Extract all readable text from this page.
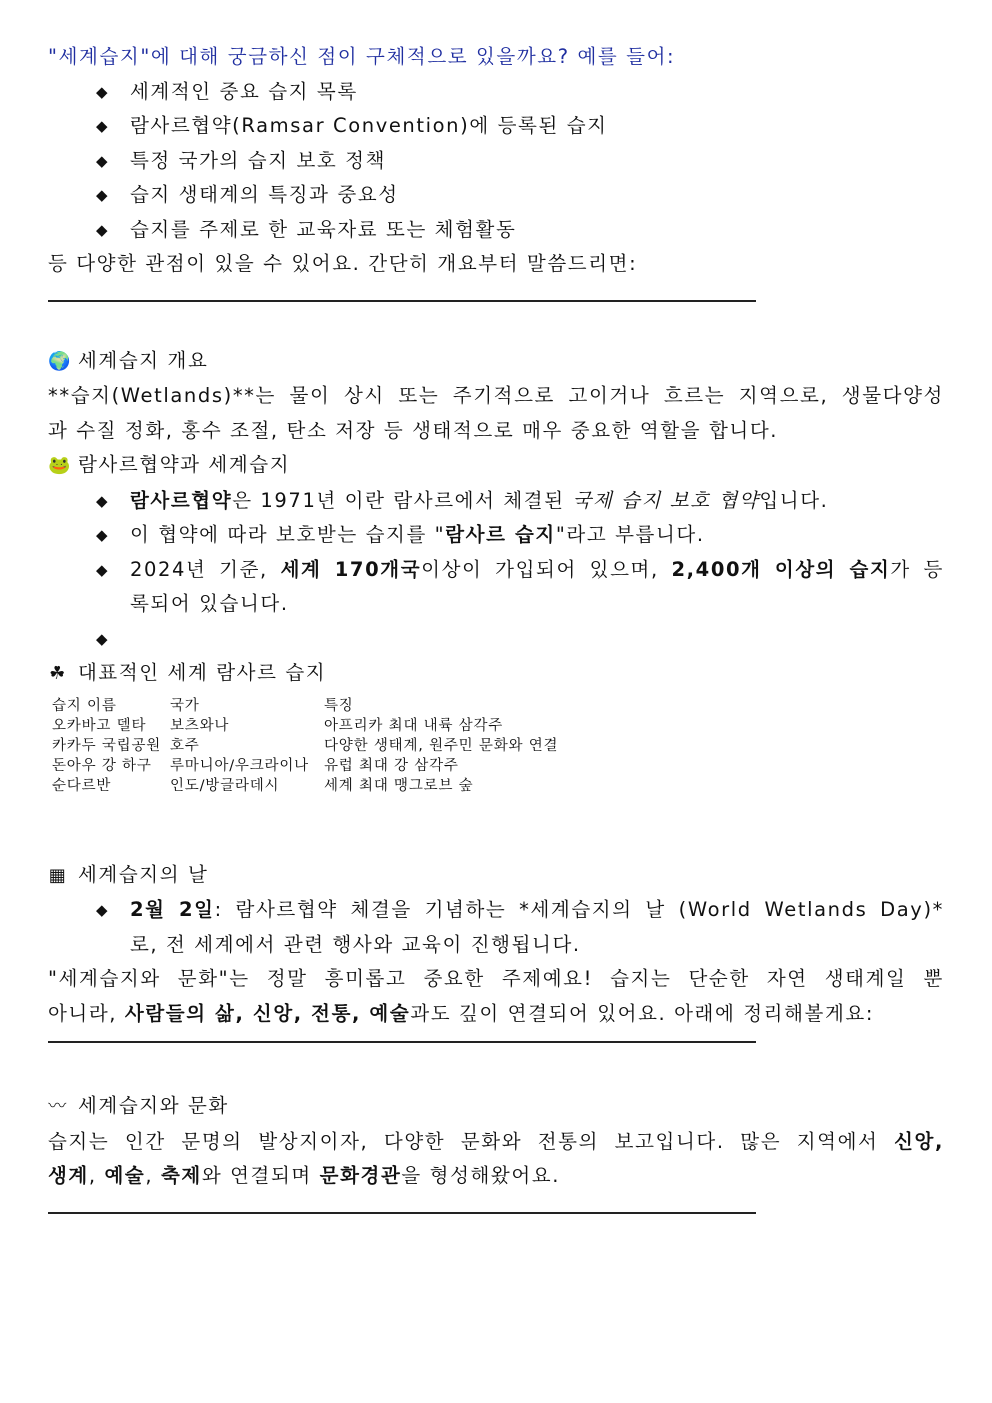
"세계습지"에 대해 궁금하신 점이 구체적으로 있을까요? 예를 들어:
◆ 세계적인 중요 습지 목록
◆ 람사르협약(Ramsar Convention)에 등록된 습지
◆ 특정 국가의 습지 보호 정책
◆ 습지 생태계의 특징과 중요성
◆ 습지를 주제로 한 교육자료 또는 체험활동
등 다양한 관점이 있을 수 있어요. 간단히 개요부터 말씀드리면:
🌍 세계습지 개요
**습지(Wetlands)**는 물이 상시 또는 주기적으로 고이거나 흐르는 지역으로, 생물다양성
과 수질 정화, 홍수 조절, 탄소 저장 등 생태적으로 매우 중요한 역할을 합니다.
🐸 람사르협약과 세계습지
◆ 람사르협약은 1971년 이란 람사르에서 체결된 국제 습지 보호 협약입니다.
◆ 이 협약에 따라 보호받는 습지를 "람사르 습지"라고 부릅니다.
◆ 2024년 기준, 세계 170개국이상이 가입되어 있으며, 2,400개 이상의 습지가 등
록되어 있습니다.
◆

☘ 대표적인 세계 람사르 습지
습지 이름	국가	특징
오카바고 델타	보츠와나	아프리카 최대 내륙 삼각주
카카두 국립공원	호주	다양한 생태계, 원주민 문화와 연결
돈아우 강 하구	루마니아/우크라이나	유럽 최대 강 삼각주
순다르반	인도/방글라데시	세계 최대 맹그로브 숲
▦ 세계습지의 날
◆ 2월 2일: 람사르협약 체결을 기념하는 *세계습지의 날 (World Wetlands Day)*
로, 전 세계에서 관련 행사와 교육이 진행됩니다.
"세계습지와 문화"는 정말 흥미롭고 중요한 주제예요! 습지는 단순한 자연 생태계일 뿐
아니라, 사람들의 삶, 신앙, 전통, 예술과도 깊이 연결되어 있어요. 아래에 정리해볼게요:
〰 세계습지와 문화
습지는 인간 문명의 발상지이자, 다양한 문화와 전통의 보고입니다. 많은 지역에서 신앙,
생계, 예술, 축제와 연결되며 문화경관을 형성해왔어요.
